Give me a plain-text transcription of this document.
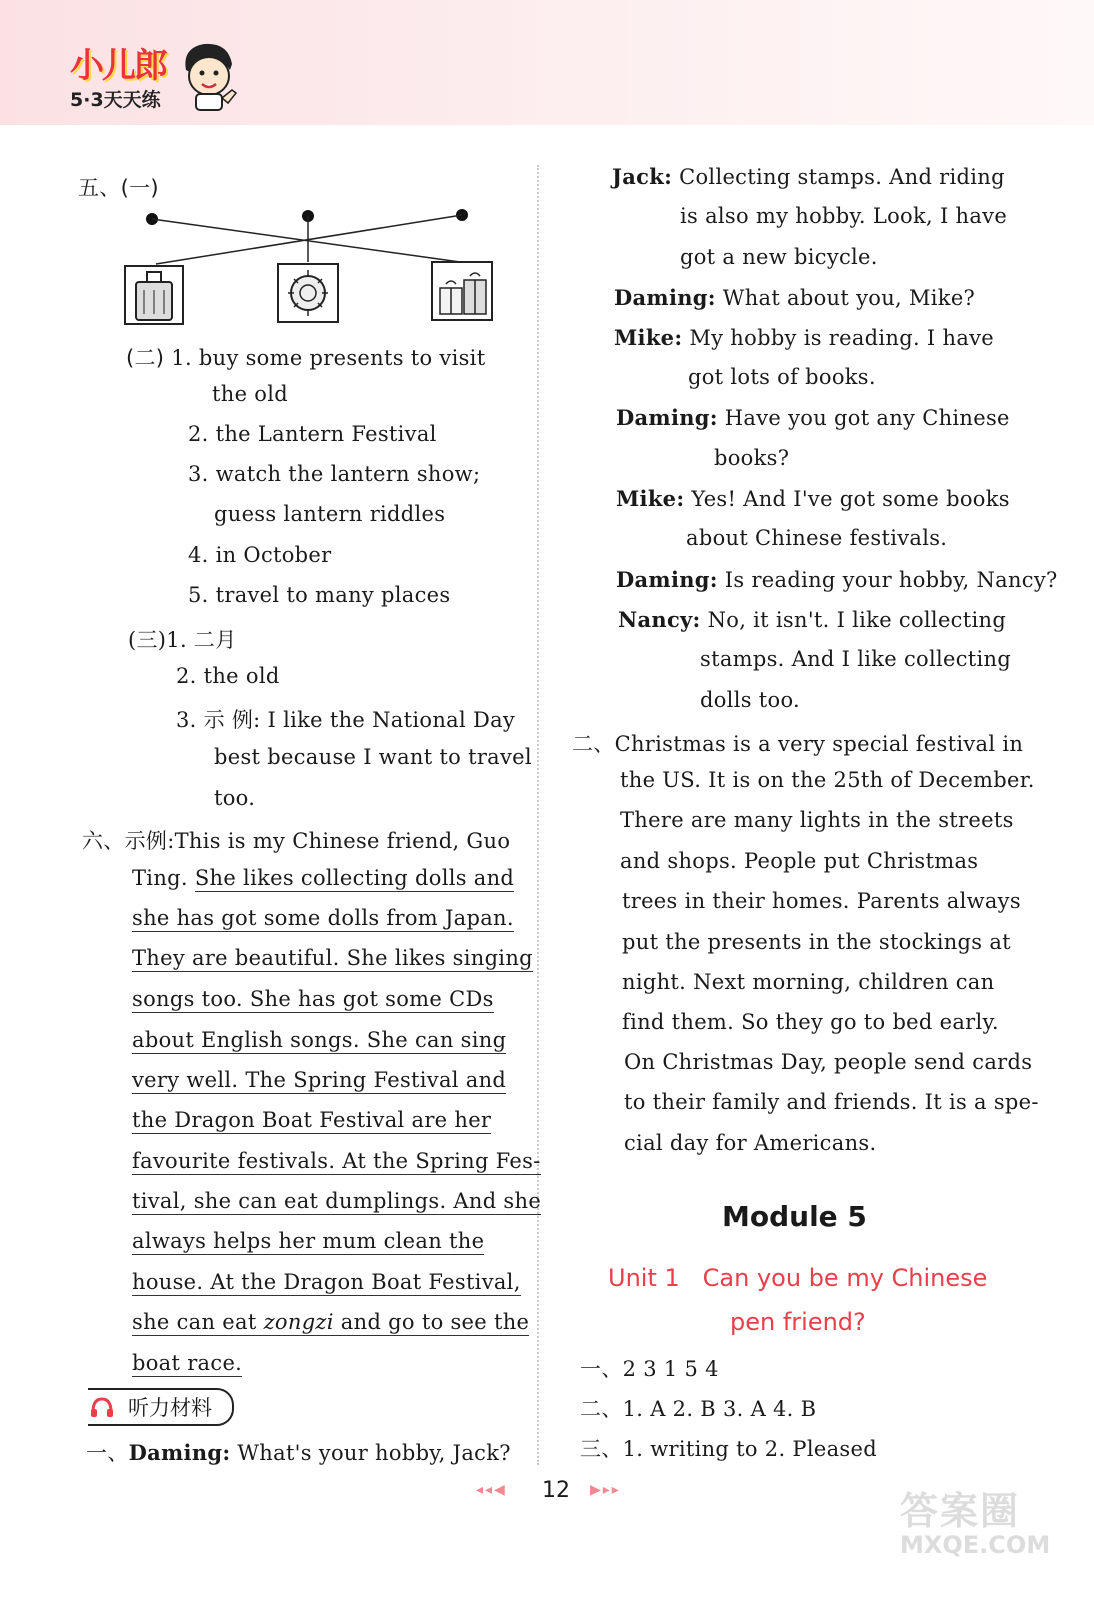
小儿郎
5·3天天练
五、(一)
(二) 1. buy some presents to visit
the old
2. the Lantern Festival
3. watch the lantern show;
guess lantern riddles
4. in October
5. travel to many places
(三)1. 二月
2. the old
3. 示 例: I like the National Day
best because I want to travel
too.
六、示例:This is my Chinese friend, Guo
Ting. She likes collecting dolls and
she has got some dolls from Japan.
They are beautiful. She likes singing
songs too. She has got some CDs
about English songs. She can sing
very well. The Spring Festival and
the Dragon Boat Festival are her
favourite festivals. At the Spring Fes-
tival, she can eat dumplings. And she
always helps her mum clean the
house. At the Dragon Boat Festival,
she can eat zongzi and go to see the
boat race.
听力材料
一、Daming: What's your hobby, Jack?
Jack: Collecting stamps. And riding
is also my hobby. Look, I have
got a new bicycle.
Daming: What about you, Mike?
Mike: My hobby is reading. I have
got lots of books.
Daming: Have you got any Chinese
books?
Mike: Yes! And I've got some books
about Chinese festivals.
Daming: Is reading your hobby, Nancy?
Nancy: No, it isn't. I like collecting
stamps. And I like collecting
dolls too.
二、Christmas is a very special festival in
the US. It is on the 25th of December.
There are many lights in the streets
and shops. People put Christmas
trees in their homes. Parents always
put the presents in the stockings at
night. Next morning, children can
find them. So they go to bed early.
On Christmas Day, people send cards
to their family and friends. It is a spe-
cial day for Americans.
Module 5
Unit 1 Can you be my Chinese
pen friend?
一、2 3 1 5 4
二、1. A 2. B 3. A 4. B
三、1. writing to 2. Pleased
◂◂◀ 12 ▶▸▸	答案圈
MXQE.COM
